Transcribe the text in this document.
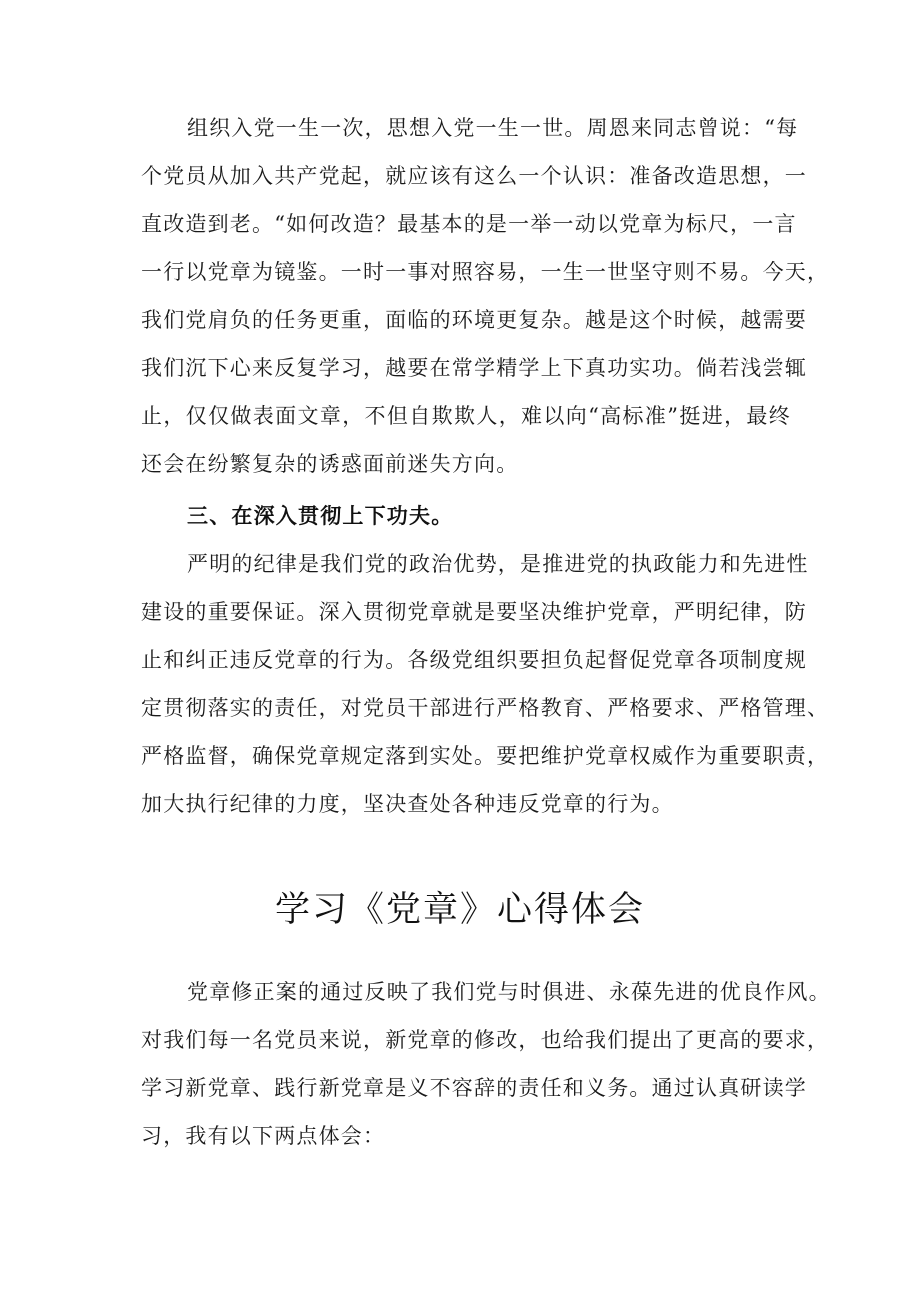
组织入党一生一次，思想入党一生一世。周恩来同志曾说：“每
个党员从加入共产党起，就应该有这么一个认识：准备改造思想，一
直改造到老。“如何改造？最基本的是一举一动以党章为标尺，一言
一行以党章为镜鉴。一时一事对照容易，一生一世坚守则不易。今天，
我们党肩负的任务更重，面临的环境更复杂。越是这个时候，越需要
我们沉下心来反复学习，越要在常学精学上下真功实功。倘若浅尝辄
止，仅仅做表面文章，不但自欺欺人，难以向“高标准”挺进，最终
还会在纷繁复杂的诱惑面前迷失方向。
三、在深入贯彻上下功夫。
严明的纪律是我们党的政治优势，是推进党的执政能力和先进性
建设的重要保证。深入贯彻党章就是要坚决维护党章，严明纪律，防
止和纠正违反党章的行为。各级党组织要担负起督促党章各项制度规
定贯彻落实的责任，对党员干部进行严格教育、严格要求、严格管理、
严格监督，确保党章规定落到实处。要把维护党章权威作为重要职责，
加大执行纪律的力度，坚决查处各种违反党章的行为。
学习《党章》心得体会
党章修正案的通过反映了我们党与时俱进、永葆先进的优良作风。
对我们每一名党员来说，新党章的修改，也给我们提出了更高的要求，
学习新党章、践行新党章是义不容辞的责任和义务。通过认真研读学
习，我有以下两点体会：
